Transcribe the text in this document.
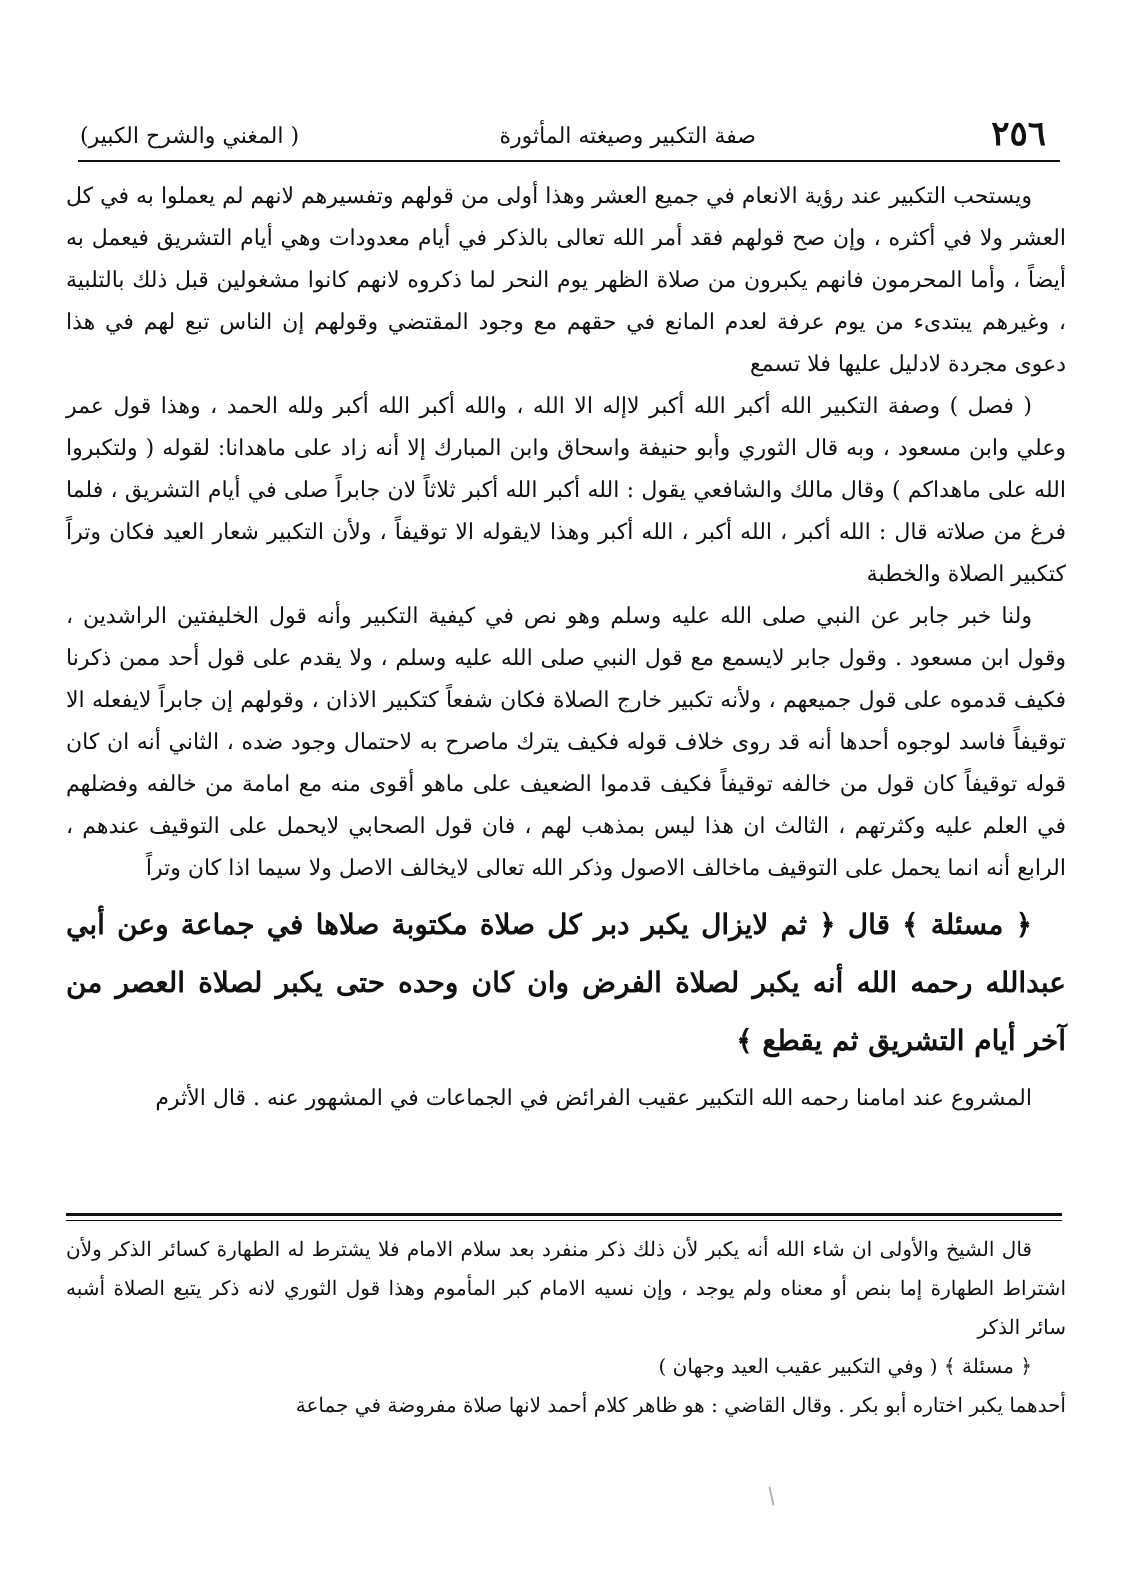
٢٥٦
صفة التكبير وصيغته المأثورة
( المغني والشرح الكبير)

ويستحب التكبير عند رؤية الانعام في جميع العشر وهذا أولى من قولهم وتفسيرهم لانهم لم يعملوا به في كل العشر ولا في أكثره ، وإن صح قولهم فقد أمر الله تعالى بالذكر في أيام معدودات وهي أيام التشريق فيعمل به أيضاً ، وأما المحرمون فانهم يكبرون من صلاة الظهر يوم النحر لما ذكروه لانهم كانوا مشغولين قبل ذلك بالتلبية ، وغيرهم يبتدىء من يوم عرفة لعدم المانع في حقهم مع وجود المقتضي وقولهم إن الناس تبع لهم في هذا دعوى مجردة لادليل عليها فلا تسمع

( فصل ) وصفة التكبير الله أكبر الله أكبر لاإله الا الله ، والله أكبر الله أكبر ولله الحمد ، وهذا قول عمر وعلي وابن مسعود ، وبه قال الثوري وأبو حنيفة واسحاق وابن المبارك إلا أنه زاد على ماهدانا: لقوله ( ولتكبروا الله على ماهداكم ) وقال مالك والشافعي يقول : الله أكبر الله أكبر ثلاثاً لان جابراً صلى في أيام التشريق ، فلما فرغ من صلاته قال : الله أكبر ، الله أكبر ، الله أكبر وهذا لايقوله الا توقيفاً ، ولأن التكبير شعار العيد فكان وتراً كتكبير الصلاة والخطبة

ولنا خبر جابر عن النبي صلى الله عليه وسلم وهو نص في كيفية التكبير وأنه قول الخليفتين الراشدين ، وقول ابن مسعود . وقول جابر لايسمع مع قول النبي صلى الله عليه وسلم ، ولا يقدم على قول أحد ممن ذكرنا فكيف قدموه على قول جميعهم ، ولأنه تكبير خارج الصلاة فكان شفعاً كتكبير الاذان ، وقولهم إن جابراً لايفعله الا توقيفاً فاسد لوجوه أحدها أنه قد روى خلاف قوله فكيف يترك ماصرح به لاحتمال وجود ضده ، الثاني أنه ان كان قوله توقيفاً كان قول من خالفه توقيفاً فكيف قدموا الضعيف على ماهو أقوى منه مع امامة من خالفه وفضلهم في العلم عليه وكثرتهم ، الثالث ان هذا ليس بمذهب لهم ، فان قول الصحابي لايحمل على التوقيف عندهم ، الرابع أنه انما يحمل على التوقيف ماخالف الاصول وذكر الله تعالى لايخالف الاصل ولا سيما اذا كان وتراً

﴿ مسئلة ﴾ قال ﴿ ثم لايزال يكبر دبر كل صلاة مكتوبة صلاها في جماعة وعن أبي عبدالله رحمه الله أنه يكبر لصلاة الفرض وان كان وحده حتى يكبر لصلاة العصر من آخر أيام التشريق ثم يقطع ﴾

المشروع عند امامنا رحمه الله التكبير عقيب الفرائض في الجماعات في المشهور عنه . قال الأثرم

قال الشيخ والأولى ان شاء الله أنه يكبر لأن ذلك ذكر منفرد بعد سلام الامام فلا يشترط له الطهارة كسائر الذكر ولأن اشتراط الطهارة إما بنص أو معناه ولم يوجد ، وإن نسيه الامام كبر المأموم وهذا قول الثوري لانه ذكر يتبع الصلاة أشبه سائر الذكر

﴿ مسئلة ﴾ ( وفي التكبير عقيب العيد وجهان )

أحدهما يكبر اختاره أبو بكر . وقال القاضي : هو ظاهر كلام أحمد لانها صلاة مفروضة في جماعة

/
